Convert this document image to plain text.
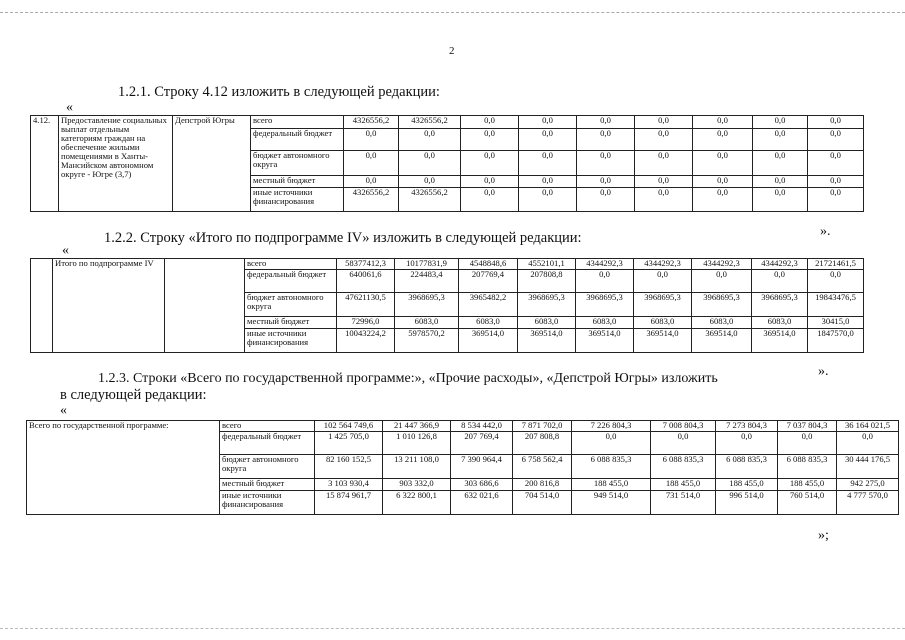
2
1.2.1. Строку 4.12 изложить в следующей редакции:
«
4.12.	Предоставление социальных выплат отдельным категориям граждан на обеспечение жилыми помещениями в Ханты-Мансийском автономном округе - Югре (3,7)	Депстрой Югры	всего	4326556,2	4326556,2	0,0	0,0	0,0	0,0	0,0	0,0	0,0
			федеральный бюджет	0,0	0,0	0,0	0,0	0,0	0,0	0,0	0,0	0,0
			бюджет автономного округа	0,0	0,0	0,0	0,0	0,0	0,0	0,0	0,0	0,0
			местный бюджет	0,0	0,0	0,0	0,0	0,0	0,0	0,0	0,0	0,0
			иные источники финансирования	4326556,2	4326556,2	0,0	0,0	0,0	0,0	0,0	0,0	0,0
1.2.2. Строку «Итого по подпрограмме IV» изложить в следующей редакции:	».
«
	Итого по подпрограмме IV		всего	58377412,3	10177831,9	4548848,6	4552101,1	4344292,3	4344292,3	4344292,3	4344292,3	21721461,5
			федеральный бюджет	640061,6	224483,4	207769,4	207808,8	0,0	0,0	0,0	0,0	0,0
			бюджет автономного округа	47621130,5	3968695,3	3965482,2	3968695,3	3968695,3	3968695,3	3968695,3	3968695,3	19843476,5
			местный бюджет	72996,0	6083,0	6083,0	6083,0	6083,0	6083,0	6083,0	6083,0	30415,0
			иные источники финансирования	10043224,2	5978570,2	369514,0	369514,0	369514,0	369514,0	369514,0	369514,0	1847570,0
».
1.2.3. Строки «Всего по государственной программе:», «Прочие расходы», «Депстрой Югры» изложить
в следующей редакции:
«
Всего по государственной программе:	всего	102 564 749,6	21 447 366,9	8 534 442,0	7 871 702,0	7 226 804,3	7 008 804,3	7 273 804,3	7 037 804,3	36 164 021,5
	федеральный бюджет	1 425 705,0	1 010 126,8	207 769,4	207 808,8	0,0	0,0	0,0	0,0	0,0
	бюджет автономного округа	82 160 152,5	13 211 108,0	7 390 964,4	6 758 562,4	6 088 835,3	6 088 835,3	6 088 835,3	6 088 835,3	30 444 176,5
	местный бюджет	3 103 930,4	903 332,0	303 686,6	200 816,8	188 455,0	188 455,0	188 455,0	188 455,0	942 275,0
	иные источники финансирования	15 874 961,7	6 322 800,1	632 021,6	704 514,0	949 514,0	731 514,0	996 514,0	760 514,0	4 777 570,0
»;
